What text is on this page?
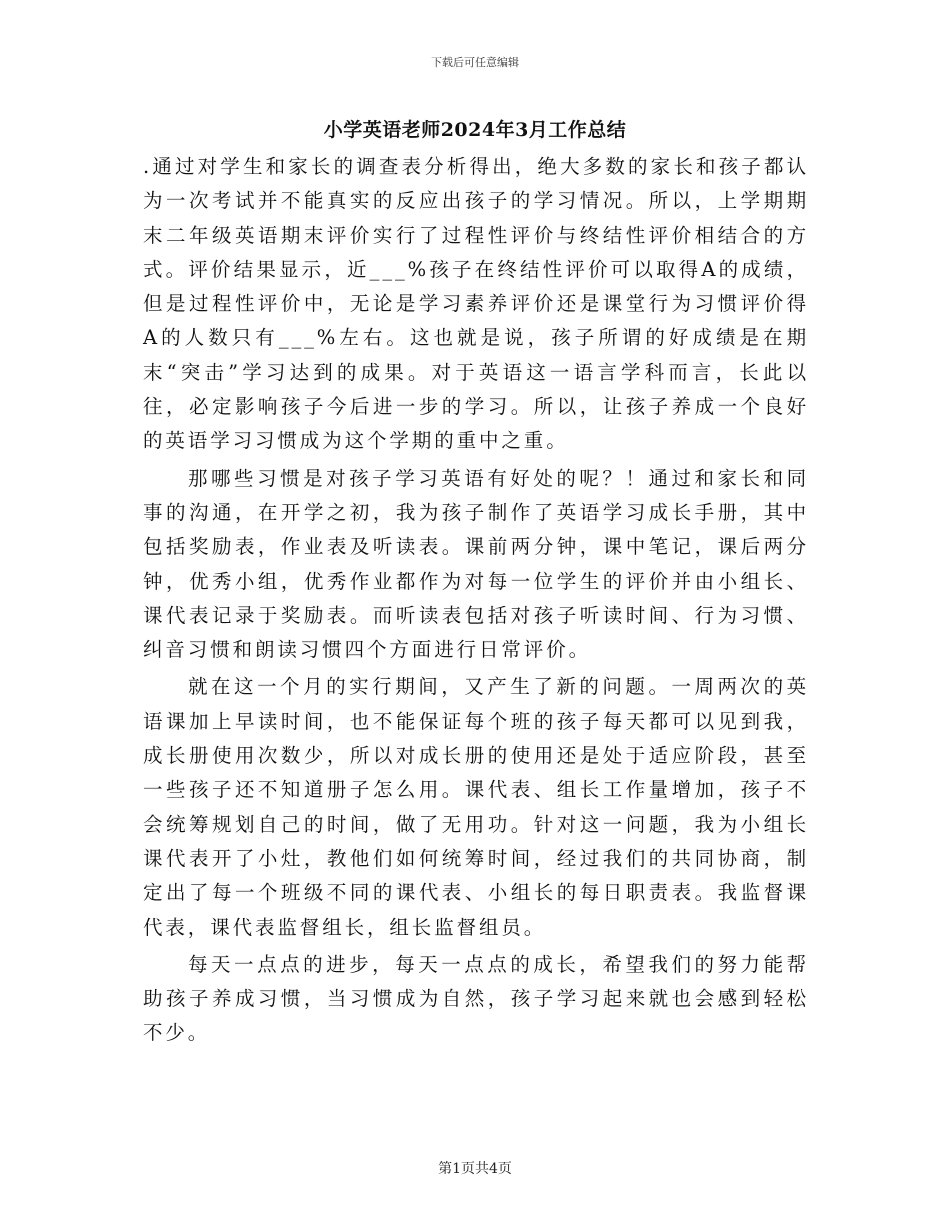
下载后可任意编辑
小学英语老师2024年3月工作总结

.通过对学生和家长的调查表分析得出，绝大多数的家长和孩子都认为一次考试并不能真实的反应出孩子的学习情况。所以，上学期期末二年级英语期末评价实行了过程性评价与终结性评价相结合的方式。评价结果显示，近___%孩子在终结性评价可以取得A的成绩，但是过程性评价中，无论是学习素养评价还是课堂行为习惯评价得A的人数只有___%左右。这也就是说，孩子所谓的好成绩是在期末“突击”学习达到的成果。对于英语这一语言学科而言，长此以往，必定影响孩子今后进一步的学习。所以，让孩子养成一个良好的英语学习习惯成为这个学期的重中之重。

那哪些习惯是对孩子学习英语有好处的呢？！通过和家长和同事的沟通，在开学之初，我为孩子制作了英语学习成长手册，其中包括奖励表，作业表及听读表。课前两分钟，课中笔记，课后两分钟，优秀小组，优秀作业都作为对每一位学生的评价并由小组长、课代表记录于奖励表。而听读表包括对孩子听读时间、行为习惯、纠音习惯和朗读习惯四个方面进行日常评价。

就在这一个月的实行期间，又产生了新的问题。一周两次的英语课加上早读时间，也不能保证每个班的孩子每天都可以见到我，成长册使用次数少，所以对成长册的使用还是处于适应阶段，甚至一些孩子还不知道册子怎么用。课代表、组长工作量增加，孩子不会统筹规划自己的时间，做了无用功。针对这一问题，我为小组长课代表开了小灶，教他们如何统筹时间，经过我们的共同协商，制定出了每一个班级不同的课代表、小组长的每日职责表。我监督课代表，课代表监督组长，组长监督组员。

每天一点点的进步，每天一点点的成长，希望我们的努力能帮助孩子养成习惯，当习惯成为自然，孩子学习起来就也会感到轻松不少。

第1页共4页
